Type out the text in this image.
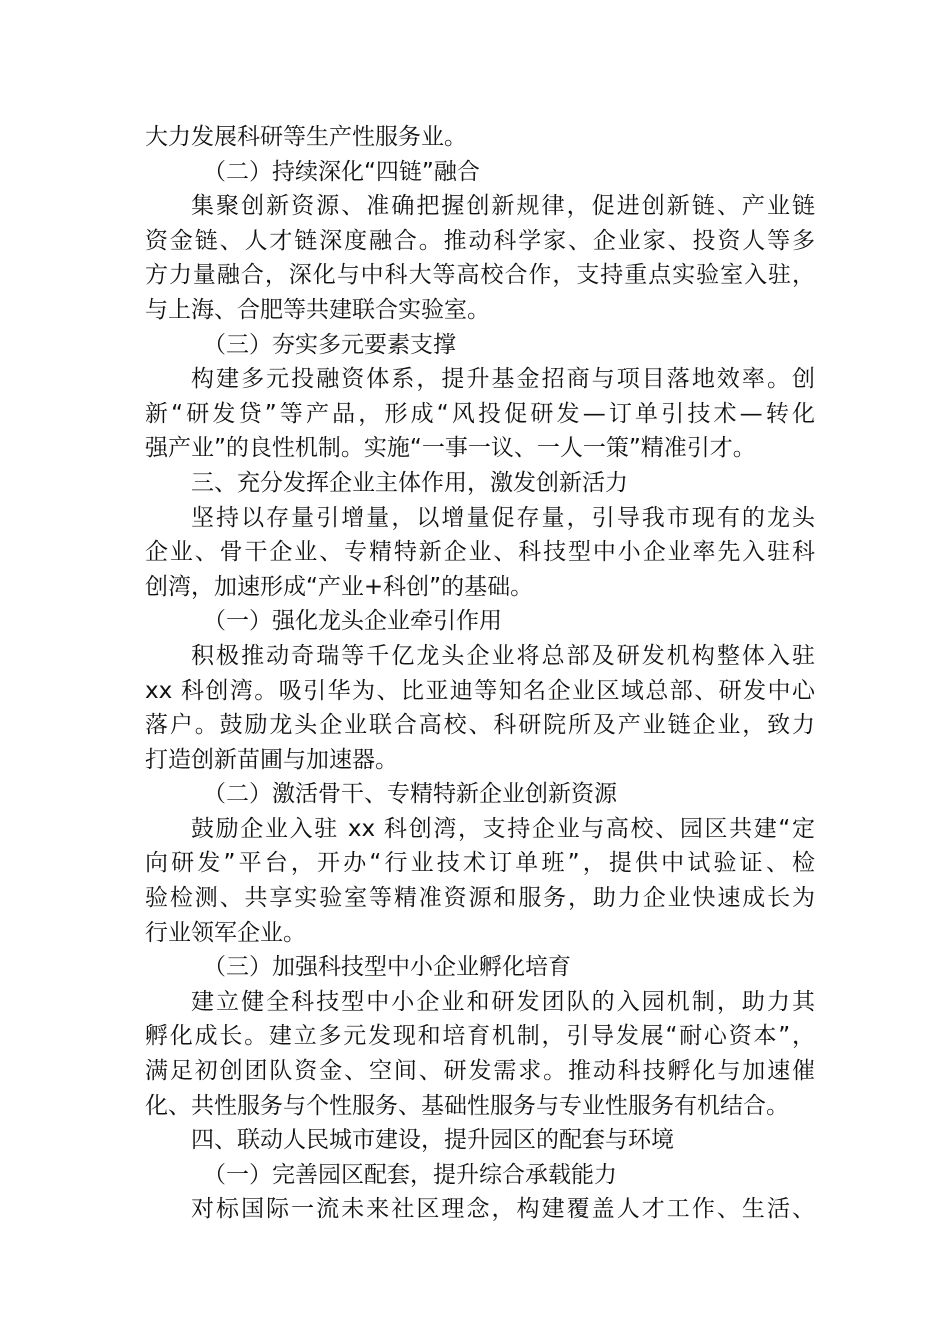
大力发展科研等生产性服务业。
（二）持续深化“四链”融合
集聚创新资源、准确把握创新规律，促进创新链、产业链
资金链、人才链深度融合。推动科学家、企业家、投资人等多
方力量融合，深化与中科大等高校合作，支持重点实验室入驻，
与上海、合肥等共建联合实验室。
（三）夯实多元要素支撑
构建多元投融资体系，提升基金招商与项目落地效率。创
新“研发贷”等产品，形成“风投促研发—订单引技术—转化
强产业”的良性机制。实施“一事一议、一人一策”精准引才。
三、充分发挥企业主体作用，激发创新活力
坚持以存量引增量，以增量促存量，引导我市现有的龙头
企业、骨干企业、专精特新企业、科技型中小企业率先入驻科
创湾，加速形成“产业+科创”的基础。
（一）强化龙头企业牵引作用
积极推动奇瑞等千亿龙头企业将总部及研发机构整体入驻
xx 科创湾。吸引华为、比亚迪等知名企业区域总部、研发中心
落户。鼓励龙头企业联合高校、科研院所及产业链企业，致力
打造创新苗圃与加速器。
（二）激活骨干、专精特新企业创新资源
鼓励企业入驻 xx 科创湾，支持企业与高校、园区共建“定
向研发”平台，开办“行业技术订单班”，提供中试验证、检
验检测、共享实验室等精准资源和服务，助力企业快速成长为
行业领军企业。
（三）加强科技型中小企业孵化培育
建立健全科技型中小企业和研发团队的入园机制，助力其
孵化成长。建立多元发现和培育机制，引导发展“耐心资本”，
满足初创团队资金、空间、研发需求。推动科技孵化与加速催
化、共性服务与个性服务、基础性服务与专业性服务有机结合。
四、联动人民城市建设，提升园区的配套与环境
（一）完善园区配套，提升综合承载能力
对标国际一流未来社区理念，构建覆盖人才工作、生活、
